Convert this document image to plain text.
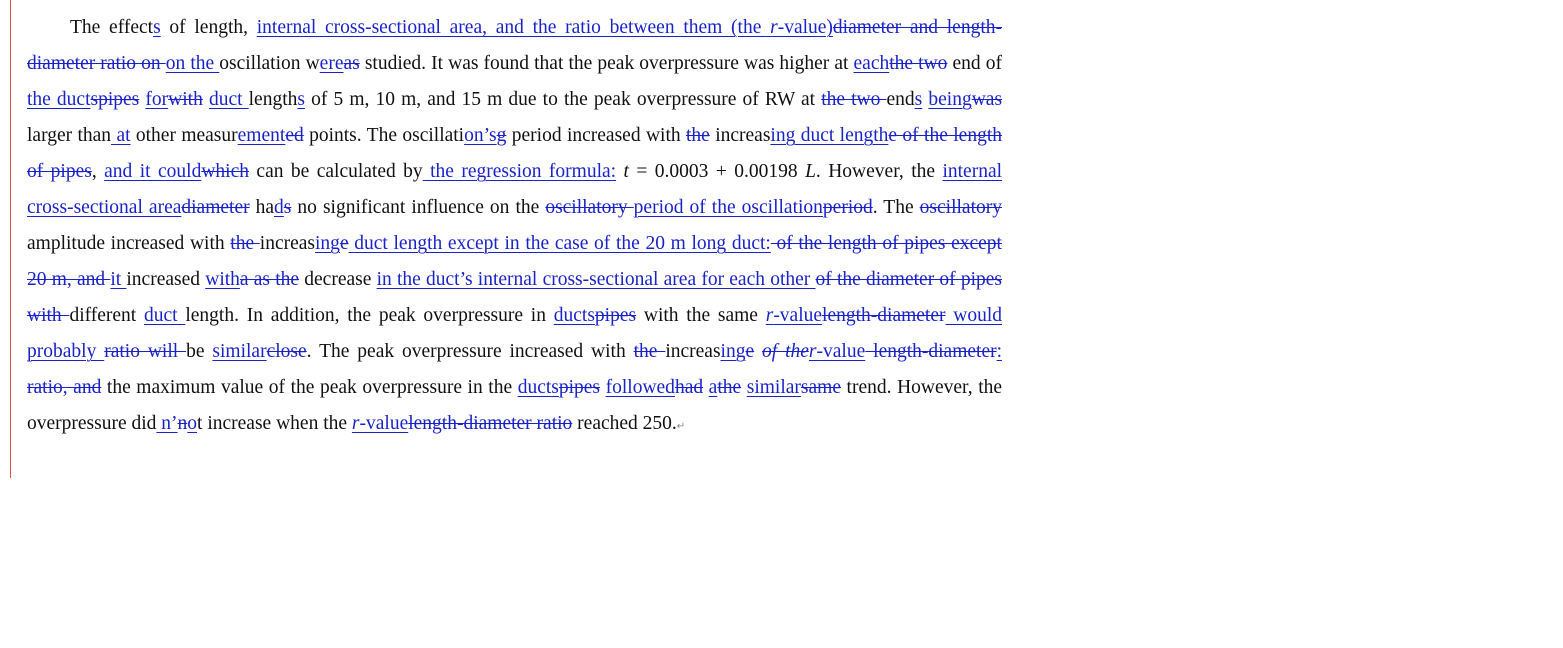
The effects of length, internal cross-sectional area, and the ratio between them (the r-value)diameter and length-diameter ratio on on the oscillation wereas studied. It was found that the peak overpressure was higher at eachthe two end of the ductspipes forwith duct lengths of 5 m, 10 m, and 15 m due to the peak overpressure of RW at the two ends beingwas larger than at other measuremented points. The oscillation’sg period increased with the increasing duct lengthe of the length of pipes, and it couldwhich can be calculated by the regression formula: t = 0.0003 + 0.00198 L. However, the internal cross-sectional areadiameter hads no significant influence on the oscillatory period of the oscillationperiod. The oscillatory amplitude increased with the increasinge duct length except in the case of the 20 m long duct: of the length of pipes except 20 m, and it increased witha as the decrease in the duct’s internal cross-sectional area for each other of the diameter of pipes with different duct length. In addition, the peak overpressure in ductspipes with the same r-valuelength-diameter would probably ratio will be similarclose. The peak overpressure increased with the increasinge of ther-value length-diameter: ratio, and the maximum value of the peak overpressure in the ductspipes followedhad athe similarsame trend. However, the overpressure did n’not increase when the r-valuelength-diameter ratio reached 250.↵
